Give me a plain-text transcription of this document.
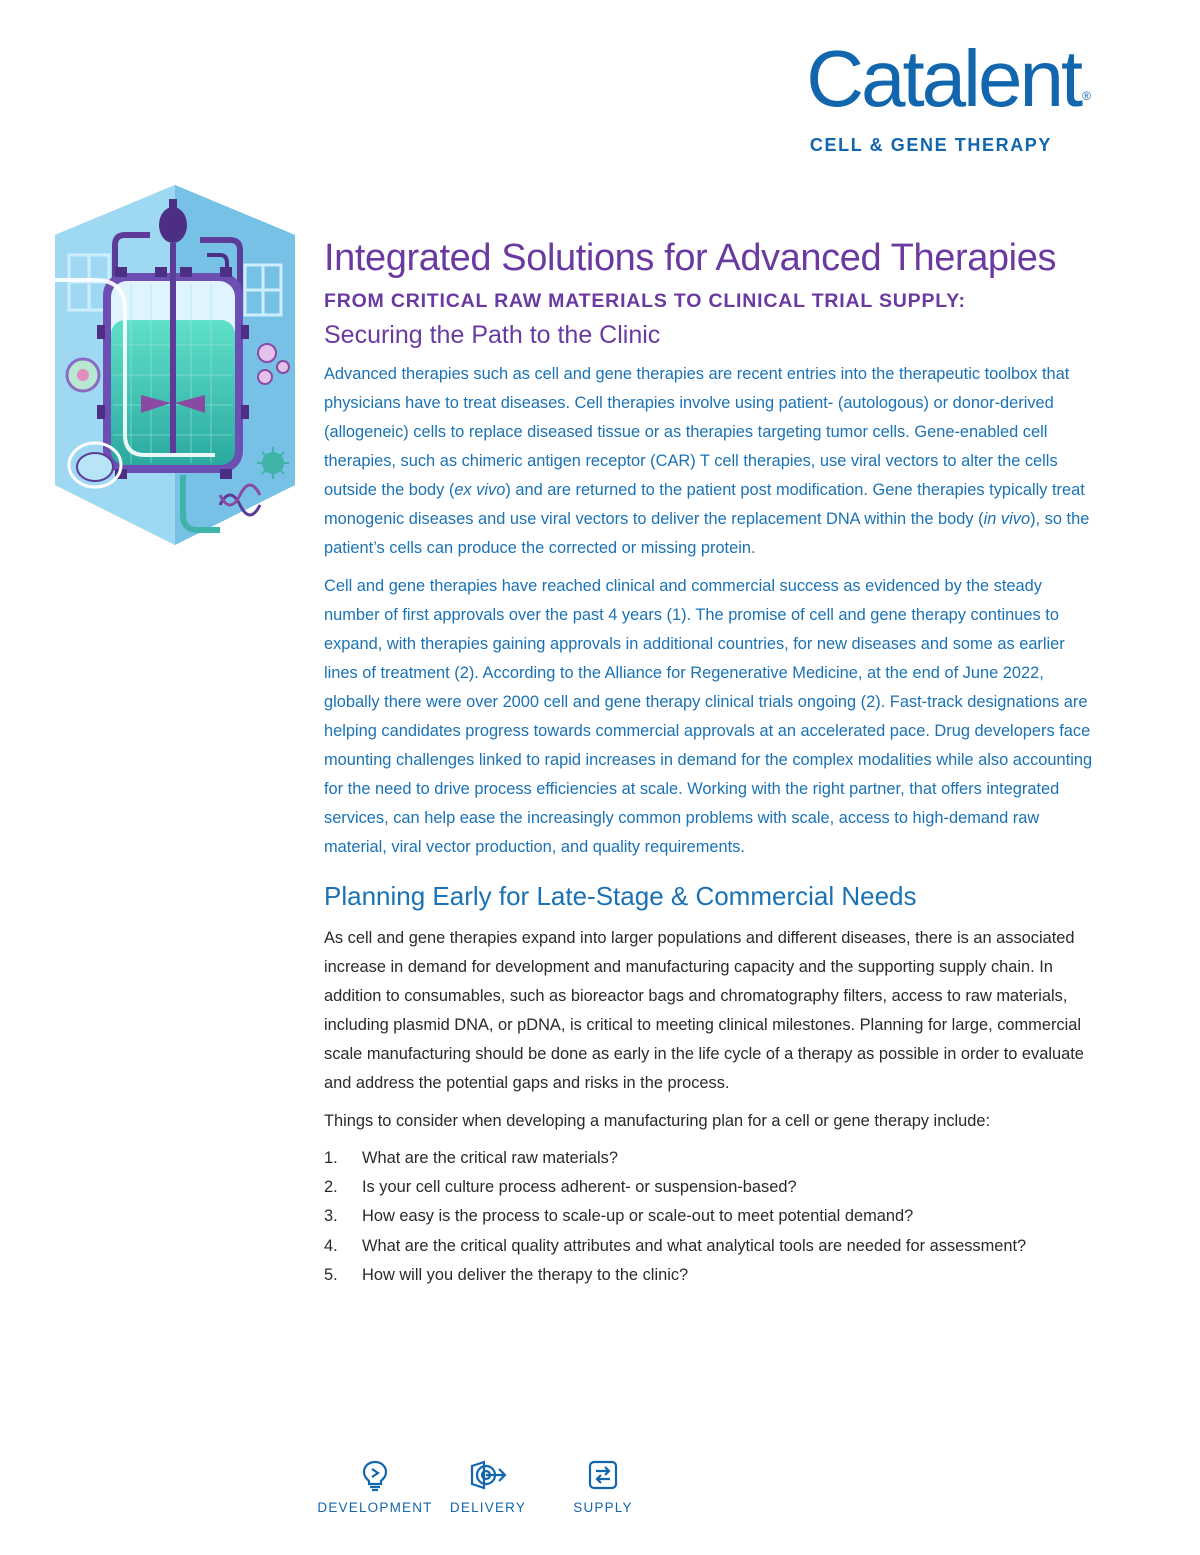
Catalent ®
CELL & GENE THERAPY
Integrated Solutions for Advanced Therapies
FROM CRITICAL RAW MATERIALS TO CLINICAL TRIAL SUPPLY:
Securing the Path to the Clinic

Advanced therapies such as cell and gene therapies are recent entries into the therapeutic toolbox that physicians have to treat diseases. Cell therapies involve using patient- (autologous) or donor-derived (allogeneic) cells to replace diseased tissue or as therapies targeting tumor cells. Gene-enabled cell therapies, such as chimeric antigen receptor (CAR) T cell therapies, use viral vectors to alter the cells outside the body (ex vivo) and are returned to the patient post modification. Gene therapies typically treat monogenic diseases and use viral vectors to deliver the replacement DNA within the body (in vivo), so the patient’s cells can produce the corrected or missing protein.

Cell and gene therapies have reached clinical and commercial success as evidenced by the steady number of first approvals over the past 4 years (1). The promise of cell and gene therapy continues to expand, with therapies gaining approvals in additional countries, for new diseases and some as earlier lines of treatment (2). According to the Alliance for Regenerative Medicine, at the end of June 2022, globally there were over 2000 cell and gene therapy clinical trials ongoing (2). Fast-track designations are helping candidates progress towards commercial approvals at an accelerated pace. Drug developers face mounting challenges linked to rapid increases in demand for the complex modalities while also accounting for the need to drive process efficiencies at scale. Working with the right partner, that offers integrated services, can help ease the increasingly common problems with scale, access to high-demand raw material, viral vector production, and quality requirements.

Planning Early for Late-Stage & Commercial Needs

As cell and gene therapies expand into larger populations and different diseases, there is an associated increase in demand for development and manufacturing capacity and the supporting supply chain. In addition to consumables, such as bioreactor bags and chromatography filters, access to raw materials, including plasmid DNA, or pDNA, is critical to meeting clinical milestones. Planning for large, commercial scale manufacturing should be done as early in the life cycle of a therapy as possible in order to evaluate and address the potential gaps and risks in the process.

Things to consider when developing a manufacturing plan for a cell or gene therapy include:

1.	What are the critical raw materials?
2.	Is your cell culture process adherent- or suspension-based?
3.	How easy is the process to scale-up or scale-out to meet potential demand?
4.	What are the critical quality attributes and what analytical tools are needed for assessment?
5.	How will you deliver the therapy to the clinic?
DEVELOPMENT DELIVERY	SUPPLY
